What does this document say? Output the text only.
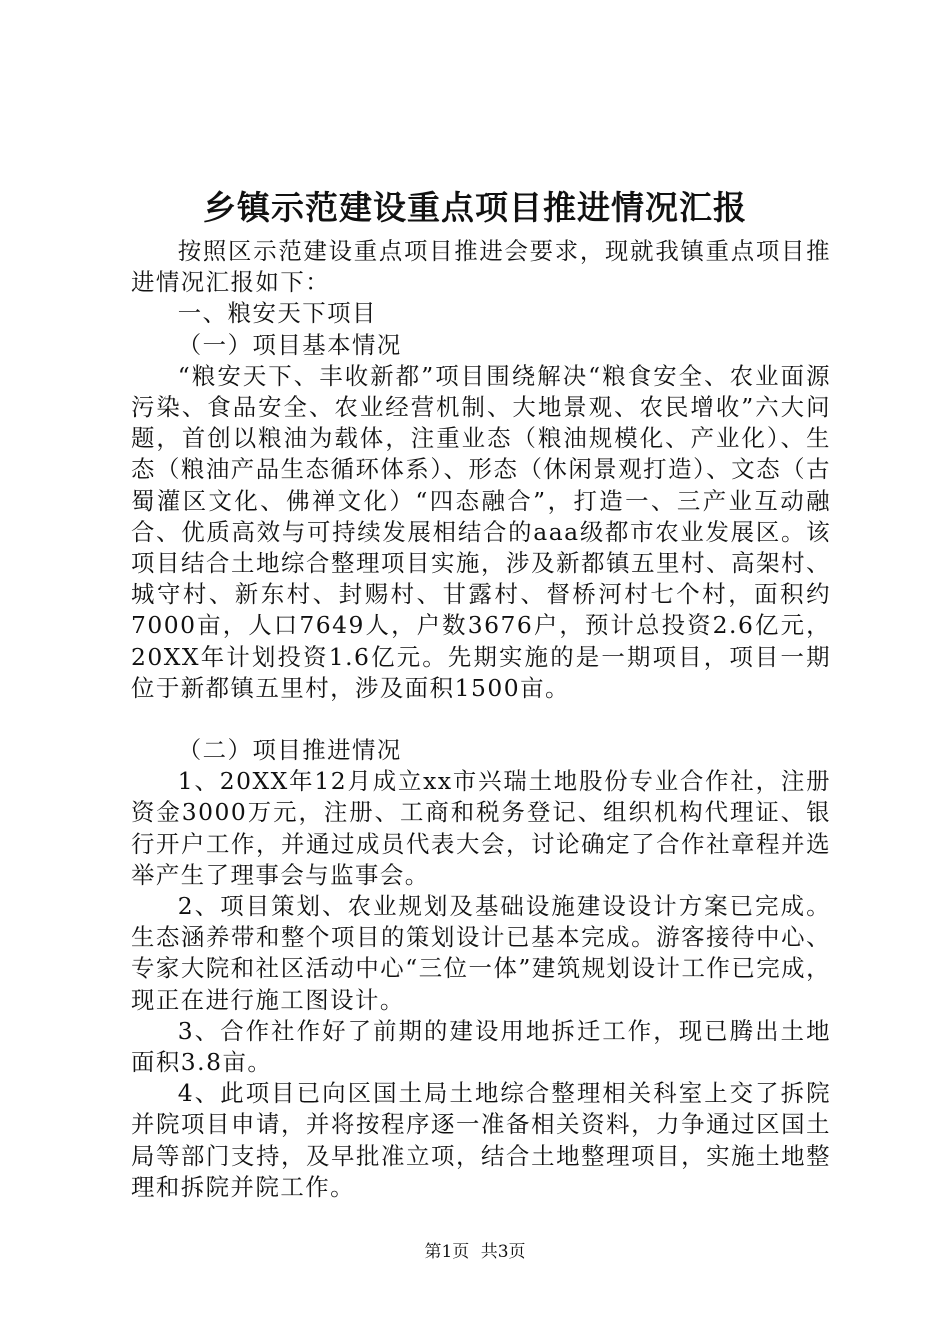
乡镇示范建设重点项目推进情况汇报

按照区示范建设重点项目推进会要求，现就我镇重点项目推进情况汇报如下：

一、粮安天下项目

（一）项目基本情况

“粮安天下、丰收新都”项目围绕解决“粮食安全、农业面源污染、食品安全、农业经营机制、大地景观、农民增收”六大问题，首创以粮油为载体，注重业态（粮油规模化、产业化）、生态（粮油产品生态循环体系）、形态（休闲景观打造）、文态（古蜀灌区文化、佛禅文化）“四态融合”，打造一、三产业互动融合、优质高效与可持续发展相结合的aaa级都市农业发展区。该项目结合土地综合整理项目实施，涉及新都镇五里村、高架村、城守村、新东村、封赐村、甘露村、督桥河村七个村，面积约7000亩，人口7649人，户数3676户，预计总投资2.6亿元，20XX年计划投资1.6亿元。先期实施的是一期项目，项目一期位于新都镇五里村，涉及面积1500亩。

（二）项目推进情况

1、20XX年12月成立xx市兴瑞土地股份专业合作社，注册资金3000万元，注册、工商和税务登记、组织机构代理证、银行开户工作，并通过成员代表大会，讨论确定了合作社章程并选举产生了理事会与监事会。

2、项目策划、农业规划及基础设施建设设计方案已完成。生态涵养带和整个项目的策划设计已基本完成。游客接待中心、专家大院和社区活动中心“三位一体”建筑规划设计工作已完成，现正在进行施工图设计。

3、合作社作好了前期的建设用地拆迁工作，现已腾出土地面积3.8亩。

4、此项目已向区国土局土地综合整理相关科室上交了拆院并院项目申请，并将按程序逐一准备相关资料，力争通过区国土局等部门支持，及早批准立项，结合土地整理项目，实施土地整理和拆院并院工作。

第1页 共3页
